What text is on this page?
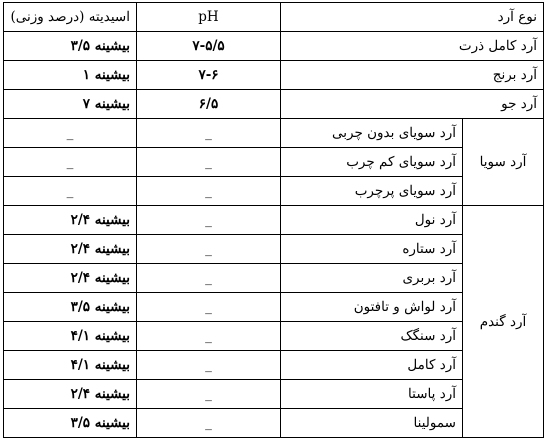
نوع آرد		pH	اسیدیته (درصد وزنی)
آرد کامل ذرت		۷-۵/۵	بیشینه ۳/۵
آرد برنج		۷-۶	بیشینه ۱
آرد جو		۶/۵	بیشینه ۷
آرد سویا	آرد سویای بدون چربی	_	_
	آرد سویای کم چرب	_	_
	آرد سویای پرچرب	_	_
آرد گندم	آرد نول	_	بیشینه ۲/۴
	آرد ستاره	_	بیشینه ۲/۴
	آرد بربری	_	بیشینه ۲/۴
	آرد لواش و تافتون	_	بیشینه ۳/۵
	آرد سنگک	_	بیشینه ۴/۱
	آرد کامل	_	بیشینه ۴/۱
	آرد پاستا	_	بیشینه ۲/۴
	سمولینا	_	بیشینه ۳/۵
